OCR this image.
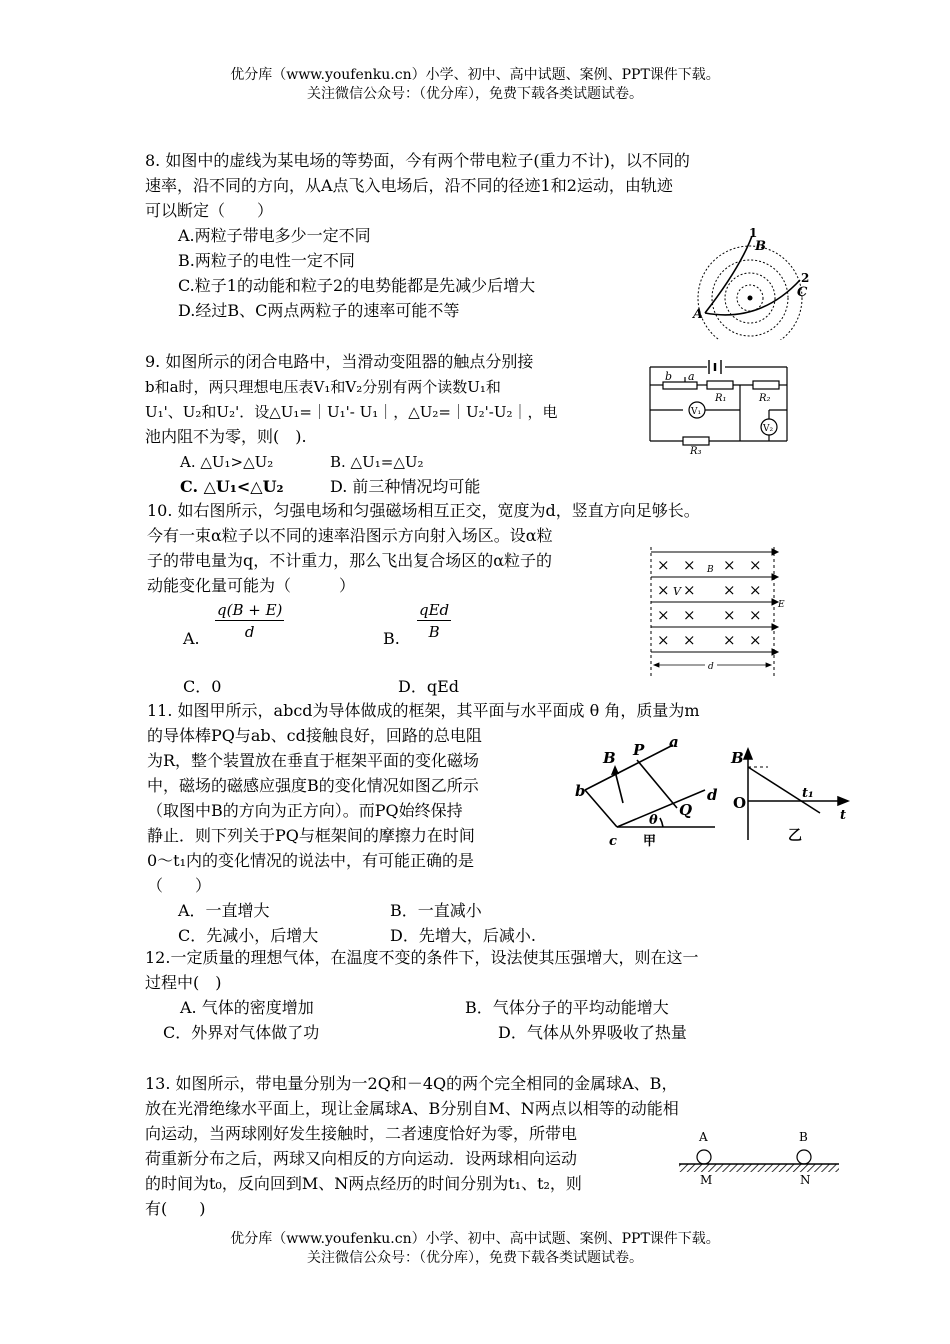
优分库（www.youfenku.cn）小学、初中、高中试题、案例、PPT课件下载。
关注微信公众号：（优分库），免费下载各类试题试卷。
8. 如图中的虚线为某电场的等势面，今有两个带电粒子(重力不计)，以不同的
速率，沿不同的方向，从A点飞入电场后，沿不同的径迹1和2运动，由轨迹
可以断定（　　）
A.两粒子带电多少一定不同
B.两粒子的电性一定不同
C.粒子1的动能和粒子2的电势能都是先减少后增大
D.经过B、C两点两粒子的速率可能不等
1
B
2
C
A
9. 如图所示的闭合电路中，当滑动变阻器的触点分别接
b和a时，两只理想电压表V₁和V₂分别有两个读数U₁和
U₁'、U₂和U₂'．设△U₁=｜U₁'- U₁｜，△U₂=｜U₂'-U₂｜，电
池内阻不为零，则(　).
A. △U₁>△U₂	B. △U₁=△U₂
C. △U₁<△U₂	D. 前三种情况均可能
b a
R₁	R₂
R₃
V₁
V₂
10. 如右图所示，匀强电场和匀强磁场相互正交，宽度为d，竖直方向足够长。
今有一束α粒子以不同的速率沿图示方向射入场区。设α粒
子的带电量为q，不计重力，那么飞出复合场区的α粒子的
动能变化量可能为（　　　）
A. $\frac{q(B + E)}{d}$	B.
qEd
B
C．0	D．qEd
× × × ×
× × × ×
× × × ×
× × × ×
B
V
E
d
11. 如图甲所示，abcd为导体做成的框架，其平面与水平面成 θ 角，质量为m
的导体棒PQ与ab、cd接触良好，回路的总电阻
为R，整个装置放在垂直于框架平面的变化磁场
中，磁场的磁感应强度B的变化情况如图乙所示
（取图中B的方向为正方向）。而PQ始终保持
静止．则下列关于PQ与框架间的摩擦力在时间
0～t₁内的变化情况的说法中，有可能正确的是
（　　）
A．一直增大	B．一直减小
C．先减小，后增大	D．先增大，后减小.
B P a
b
Q
d
c
θ
甲
B
O
t₁
t
乙
12.一定质量的理想气体，在温度不变的条件下，设法使其压强增大，则在这一
过程中(　)
A. 气体的密度增加	B．气体分子的平均动能增大
C．外界对气体做了功	D．气体从外界吸收了热量
13. 如图所示，带电量分别为一2Q和－4Q的两个完全相同的金属球A、B，
放在光滑绝缘水平面上，现让金属球A、B分别自M、N两点以相等的动能相
向运动，当两球刚好发生接触时，二者速度恰好为零，所带电
荷重新分布之后，两球又向相反的方向运动．设两球相向运动
的时间为t₀，反向回到M、N两点经历的时间分别为t₁、t₂，则
有(　　)
A	B
M	N
优分库（www.youfenku.cn）小学、初中、高中试题、案例、PPT课件下载。
关注微信公众号：（优分库），免费下载各类试题试卷。
